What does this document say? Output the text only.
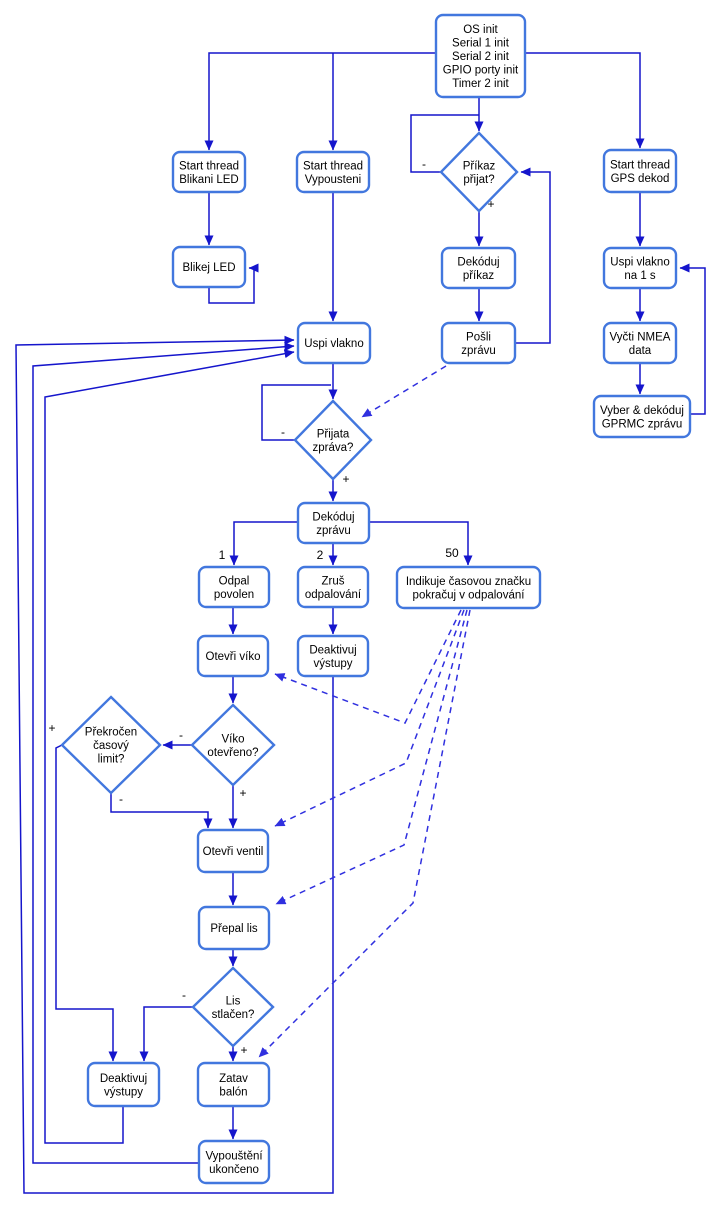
OS init Serial 1 init Serial 2 init GPIO porty init Timer 2 init
Start thread Blikani LED
Start thread Vypousteni
Start thread GPS dekod
Blikej LED
Příkaz přijat?
Dekóduj příkaz
Pošli zprávu
Uspi vlakno
Uspi vlakno na 1 s
Vyčti NMEA data
Vyber & dekóduj GPRMC zprávu
Přijata zpráva?
Dekóduj zprávu
Odpal povolen
Zruš odpalování
Indikuje časovou značku pokračuj v odpalování
Otevři víko
Deaktivuj výstupy
Víko otevřeno?
Překročen časový limit?
Otevři ventil
Přepal lis
Lis stlačen?
Deaktivuj výstupy
Zatav balón
Vypouštění ukončeno
-
+
-
+
1	2	50
-
+
-	+
-
+
